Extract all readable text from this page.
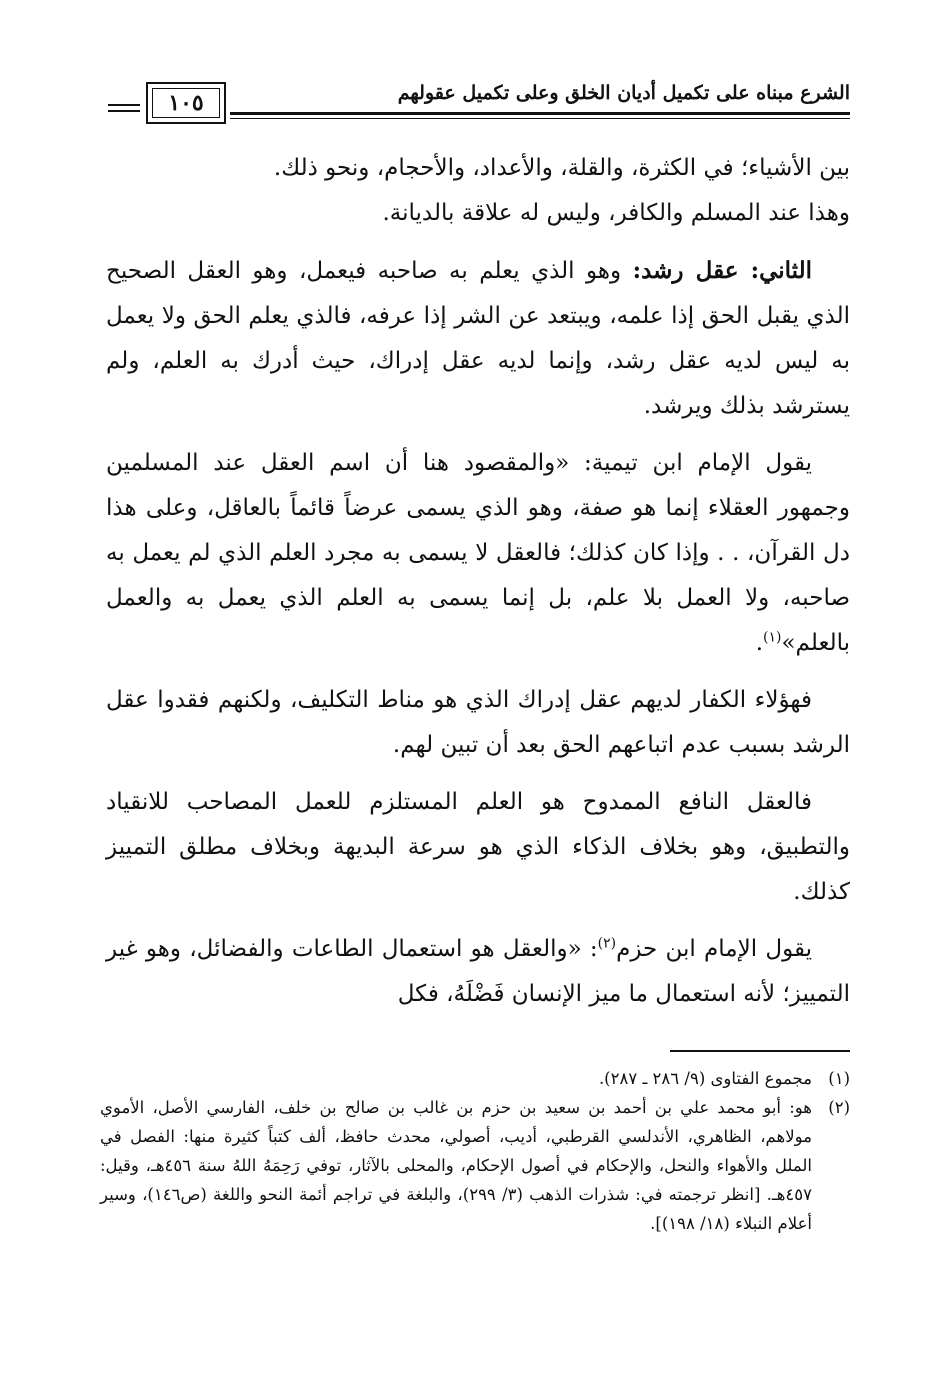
الشرع مبناه على تكميل أديان الخلق وعلى تكميل عقولهم
١٠٥

بين الأشياء؛ في الكثرة، والقلة، والأعداد، والأحجام، ونحو ذلك.
وهذا عند المسلم والكافر، وليس له علاقة بالديانة.

الثاني: عقل رشد: وهو الذي يعلم به صاحبه فيعمل، وهو العقل الصحيح الذي يقبل الحق إذا علمه، ويبتعد عن الشر إذا عرفه، فالذي يعلم الحق ولا يعمل به ليس لديه عقل رشد، وإنما لديه عقل إدراك، حيث أدرك به العلم، ولم يسترشد بذلك ويرشد.

يقول الإمام ابن تيمية: «والمقصود هنا أن اسم العقل عند المسلمين وجمهور العقلاء إنما هو صفة، وهو الذي يسمى عرضاً قائماً بالعاقل، وعلى هذا دل القرآن، . . وإذا كان كذلك؛ فالعقل لا يسمى به مجرد العلم الذي لم يعمل به صاحبه، ولا العمل بلا علم، بل إنما يسمى به العلم الذي يعمل به والعمل بالعلم»$^{(١)}$.

فهؤلاء الكفار لديهم عقل إدراك الذي هو مناط التكليف، ولكنهم فقدوا عقل الرشد بسبب عدم اتباعهم الحق بعد أن تبين لهم.

فالعقل النافع الممدوح هو العلم المستلزم للعمل المصاحب للانقياد والتطبيق، وهو بخلاف الذكاء الذي هو سرعة البديهة وبخلاف مطلق التمييز كذلك.

يقول الإمام ابن حزم$^{(٢)}$: «والعقل هو استعمال الطاعات والفضائل، وهو غير التمييز؛ لأنه استعمال ما ميز الإنسان فَضْلَهُ، فكل

(١)
مجموع الفتاوى (٩/ ٢٨٦ ـ ٢٨٧).
(٢)
هو: أبو محمد علي بن أحمد بن سعيد بن حزم بن غالب بن صالح بن خلف، الفارسي الأصل، الأموي مولاهم، الظاهري، الأندلسي القرطبي، أديب، أصولي، محدث حافظ، ألف كتباً كثيرة منها: الفصل في الملل والأهواء والنحل، والإحكام في أصول الإحكام، والمحلى بالآثار، توفي رَحِمَهُ اللهُ سنة ٤٥٦هـ، وقيل: ٤٥٧هـ. [انظر ترجمته في: شذرات الذهب (٣/ ٢٩٩)، والبلغة في تراجم أئمة النحو واللغة (ص١٤٦)، وسير أعلام النبلاء (١٨/ ١٩٨)].
